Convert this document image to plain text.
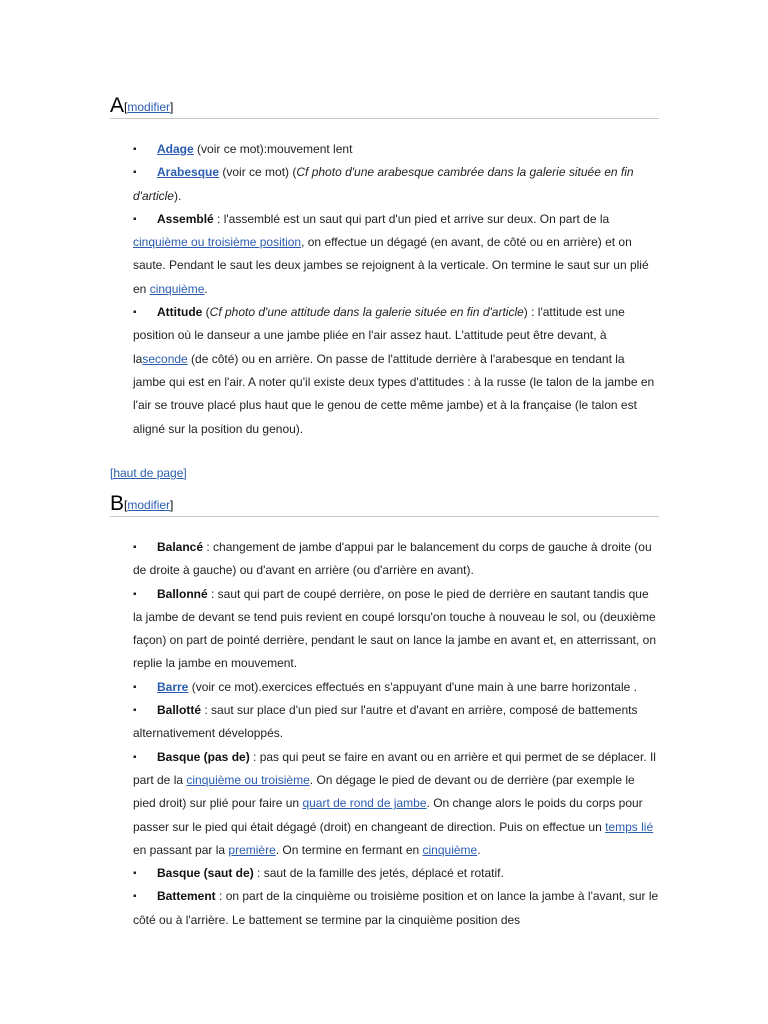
A [modifier]
▪	Adage (voir ce mot):mouvement lent
▪	Arabesque (voir ce mot) (Cf photo d'une arabesque cambrée dans la galerie située en fin d'article).
▪	Assemblé : l'assemblé est un saut qui part d'un pied et arrive sur deux. On part de la cinquième ou troisième position, on effectue un dégagé (en avant, de côté ou en arrière) et on saute. Pendant le saut les deux jambes se rejoignent à la verticale. On termine le saut sur un plié en cinquième.
▪	Attitude (Cf photo d'une attitude dans la galerie située en fin d'article) : l'attitude est une position où le danseur a une jambe pliée en l'air assez haut. L'attitude peut être devant, à laseconde (de côté) ou en arrière. On passe de l'attitude derrière à l'arabesque en tendant la jambe qui est en l'air. A noter qu'il existe deux types d'attitudes : à la russe (le talon de la jambe en l'air se trouve placé plus haut que le genou de cette même jambe) et à la française (le talon est aligné sur la position du genou).
[haut de page]
B [modifier]
▪	Balancé : changement de jambe d'appui par le balancement du corps de gauche à droite (ou de droite à gauche) ou d'avant en arrière (ou d'arrière en avant).
▪	Ballonné : saut qui part de coupé derrière, on pose le pied de derrière en sautant tandis que la jambe de devant se tend puis revient en coupé lorsqu'on touche à nouveau le sol, ou (deuxième façon) on part de pointé derrière, pendant le saut on lance la jambe en avant et, en atterrissant, on replie la jambe en mouvement.
▪	Barre (voir ce mot).exercices effectués en s'appuyant d'une main à une barre horizontale .
▪	Ballotté : saut sur place d'un pied sur l'autre et d'avant en arrière, composé de battements alternativement développés.
▪	Basque (pas de) : pas qui peut se faire en avant ou en arrière et qui permet de se déplacer. Il part de la cinquième ou troisième. On dégage le pied de devant ou de derrière (par exemple le pied droit) sur plié pour faire un quart de rond de jambe. On change alors le poids du corps pour passer sur le pied qui était dégagé (droit) en changeant de direction. Puis on effectue un temps lié en passant par la première. On termine en fermant en cinquième.
▪	Basque (saut de) : saut de la famille des jetés, déplacé et rotatif.
▪	Battement : on part de la cinquième ou troisième position et on lance la jambe à l'avant, sur le côté ou à l'arrière. Le battement se termine par la cinquième position des
